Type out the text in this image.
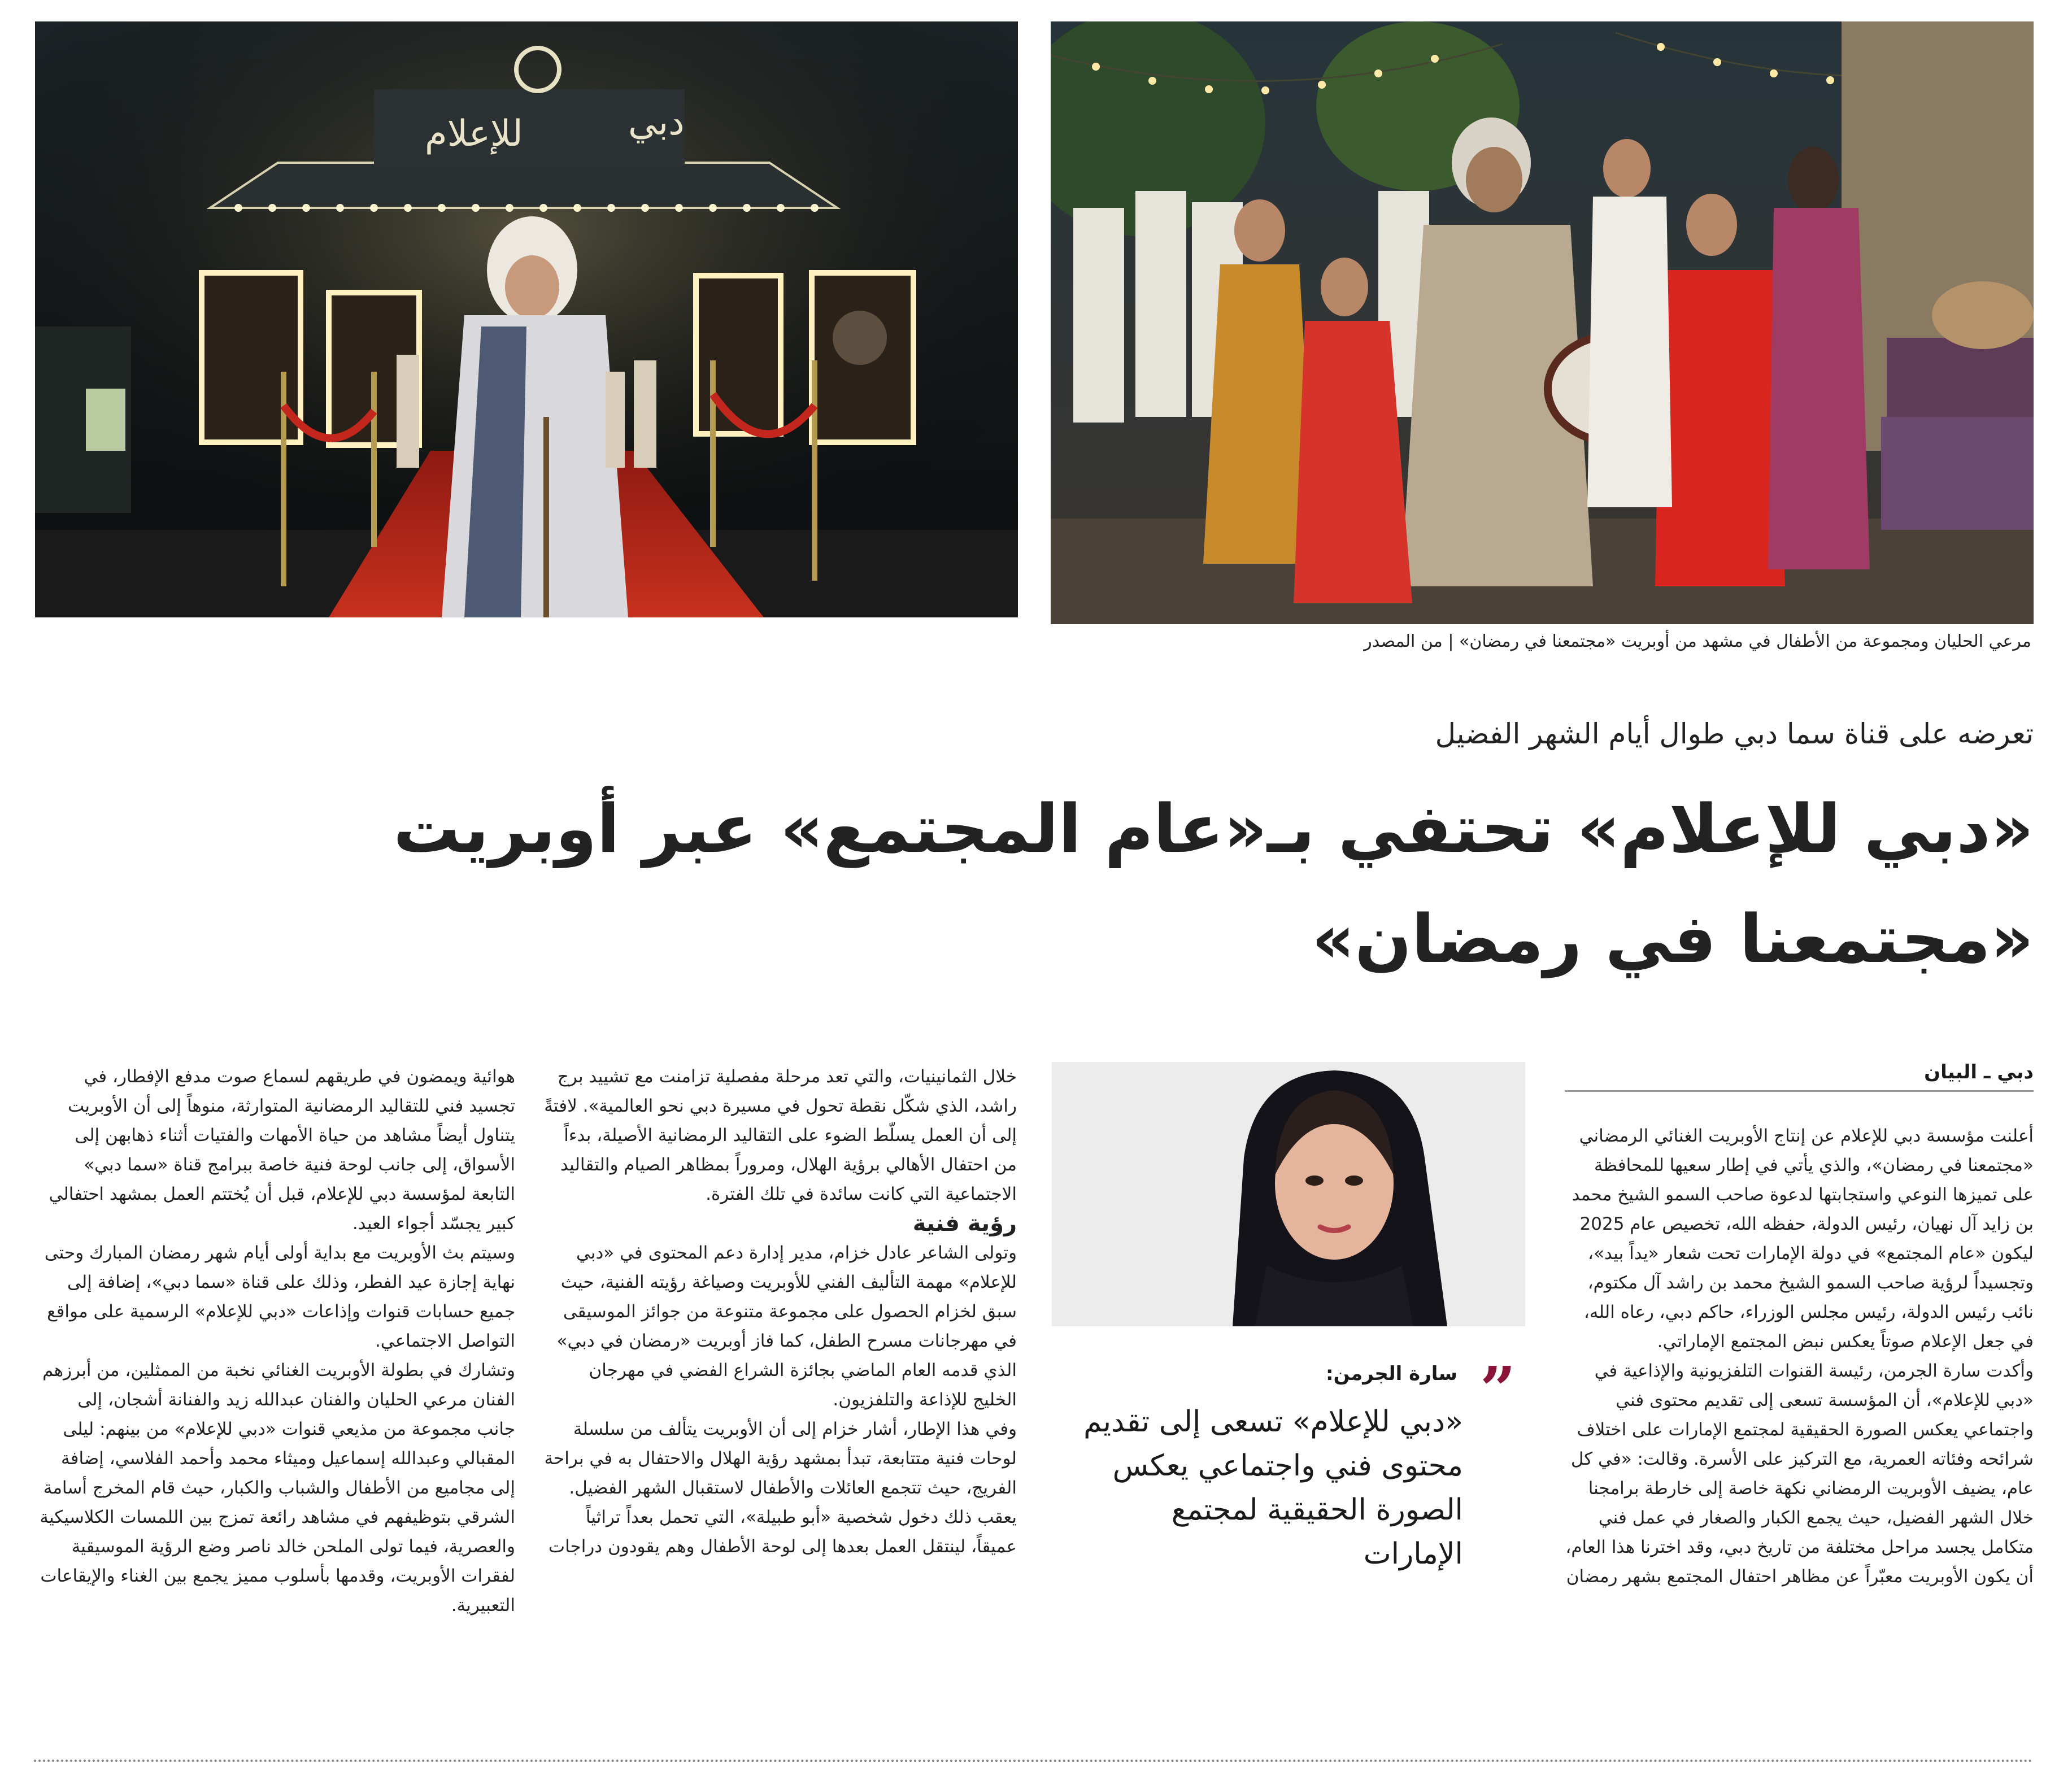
للإعلام	دبي
مرعي الحليان ومجموعة من الأطفال في مشهد من أوبريت «مجتمعنا في رمضان» | من المصدر
تعرضه على قناة سما دبي طوال أيام الشهر الفضيل
«دبي للإعلام» تحتفي بـ«عام المجتمع» عبر أوبريت
«مجتمعنا في رمضان»
دبي ـ البيان

أعلنت مؤسسة دبي للإعلام عن إنتاج الأوبريت الغنائي الرمضاني «مجتمعنا في رمضان»، والذي يأتي في إطار سعيها للمحافظة على تميزها النوعي واستجابتها لدعوة صاحب السمو الشيخ محمد بن زايد آل نهيان، رئيس الدولة، حفظه الله، تخصيص عام 2025 ليكون «عام المجتمع» في دولة الإمارات تحت شعار «يداً بيد»، وتجسيداً لرؤية صاحب السمو الشيخ محمد بن راشد آل مكتوم، نائب رئيس الدولة، رئيس مجلس الوزراء، حاكم دبي، رعاه الله، في جعل الإعلام صوتاً يعكس نبض المجتمع الإماراتي.

وأكدت سارة الجرمن، رئيسة القنوات التلفزيونية والإذاعية في «دبي للإعلام»، أن المؤسسة تسعى إلى تقديم محتوى فني واجتماعي يعكس الصورة الحقيقية لمجتمع الإمارات على اختلاف شرائحه وفئاته العمرية، مع التركيز على الأسرة. وقالت: «في كل عام، يضيف الأوبريت الرمضاني نكهة خاصة إلى خارطة برامجنا خلال الشهر الفضيل، حيث يجمع الكبار والصغار في عمل فني متكامل يجسد مراحل مختلفة من تاريخ دبي، وقد اخترنا هذا العام، أن يكون الأوبريت معبّراً عن مظاهر احتفال المجتمع بشهر رمضان

”
سارة الجرمن:
«دبي للإعلام» تسعى إلى تقديم محتوى فني واجتماعي يعكس الصورة الحقيقية لمجتمع الإمارات

خلال الثمانينيات، والتي تعد مرحلة مفصلية تزامنت مع تشييد برج راشد، الذي شكّل نقطة تحول في مسيرة دبي نحو العالمية». لافتةً إلى أن العمل يسلّط الضوء على التقاليد الرمضانية الأصيلة، بدءاً من احتفال الأهالي برؤية الهلال، ومروراً بمظاهر الصيام والتقاليد الاجتماعية التي كانت سائدة في تلك الفترة.

رؤية فنية

وتولى الشاعر عادل خزام، مدير إدارة دعم المحتوى في «دبي للإعلام» مهمة التأليف الفني للأوبريت وصياغة رؤيته الفنية، حيث سبق لخزام الحصول على مجموعة متنوعة من جوائز الموسيقى في مهرجانات مسرح الطفل، كما فاز أوبريت «رمضان في دبي» الذي قدمه العام الماضي بجائزة الشراع الفضي في مهرجان الخليج للإذاعة والتلفزيون.

وفي هذا الإطار، أشار خزام إلى أن الأوبريت يتألف من سلسلة لوحات فنية متتابعة، تبدأ بمشهد رؤية الهلال والاحتفال به في براحة الفريج، حيث تتجمع العائلات والأطفال لاستقبال الشهر الفضيل. يعقب ذلك دخول شخصية «أبو طبيلة»، التي تحمل بعداً تراثياً عميقاً، لينتقل العمل بعدها إلى لوحة الأطفال وهم يقودون دراجات

هوائية ويمضون في طريقهم لسماع صوت مدفع الإفطار، في تجسيد فني للتقاليد الرمضانية المتوارثة، منوهاً إلى أن الأوبريت يتناول أيضاً مشاهد من حياة الأمهات والفتيات أثناء ذهابهن إلى الأسواق، إلى جانب لوحة فنية خاصة ببرامج قناة «سما دبي» التابعة لمؤسسة دبي للإعلام، قبل أن يُختتم العمل بمشهد احتفالي كبير يجسّد أجواء العيد.

وسيتم بث الأوبريت مع بداية أولى أيام شهر رمضان المبارك وحتى نهاية إجازة عيد الفطر، وذلك على قناة «سما دبي»، إضافة إلى جميع حسابات قنوات وإذاعات «دبي للإعلام» الرسمية على مواقع التواصل الاجتماعي.

وتشارك في بطولة الأوبريت الغنائي نخبة من الممثلين، من أبرزهم الفنان مرعي الحليان والفنان عبدالله زيد والفنانة أشجان، إلى جانب مجموعة من مذيعي قنوات «دبي للإعلام» من بينهم: ليلى المقبالي وعبدالله إسماعيل وميثاء محمد وأحمد الفلاسي، إضافة إلى مجاميع من الأطفال والشباب والكبار، حيث قام المخرج أسامة الشرقي بتوظيفهم في مشاهد رائعة تمزج بين اللمسات الكلاسيكية والعصرية، فيما تولى الملحن خالد ناصر وضع الرؤية الموسيقية لفقرات الأوبريت، وقدمها بأسلوب مميز يجمع بين الغناء والإيقاعات التعبيرية.
